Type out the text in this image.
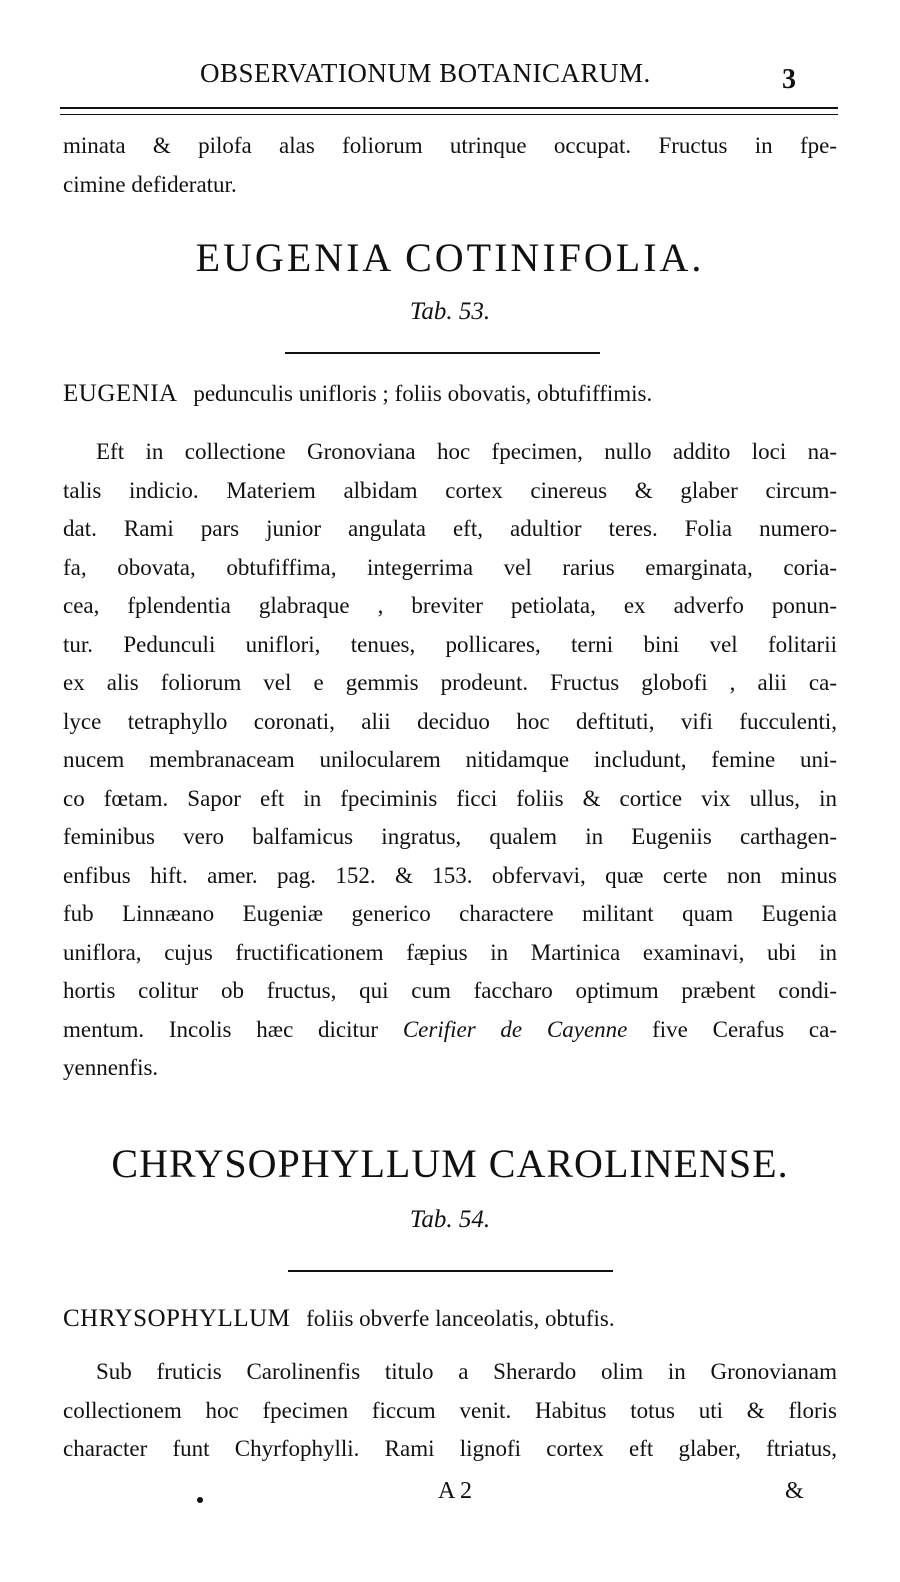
OBSERVATIONUM BOTANICARUM.	3
minata & pilofa alas foliorum utrinque occupat. Fructus in fpe-
cimine defideratur.
EUGENIA COTINIFOLIA.
Tab. 53.
EUGENIA pedunculis unifloris ; foliis obovatis, obtufiffimis.
Eft in collectione Gronoviana hoc fpecimen, nullo addito loci na-
talis indicio. Materiem albidam cortex cinereus & glaber circum-
dat. Rami pars junior angulata eft, adultior teres. Folia numero-
fa, obovata, obtufiffima, integerrima vel rarius emarginata, coria-
cea, fplendentia glabraque , breviter petiolata, ex adverfo ponun-
tur. Pedunculi uniflori, tenues, pollicares, terni bini vel folitarii
ex alis foliorum vel e gemmis prodeunt. Fructus globofi , alii ca-
lyce tetraphyllo coronati, alii deciduo hoc deftituti, vifi fucculenti,
nucem membranaceam unilocularem nitidamque includunt, femine uni-
co fœtam. Sapor eft in fpeciminis ficci foliis & cortice vix ullus, in
feminibus vero balfamicus ingratus, qualem in Eugeniis carthagen-
enfibus hift. amer. pag. 152. & 153. obfervavi, quæ certe non minus
fub Linnæano Eugeniæ generico charactere militant quam Eugenia
uniflora, cujus fructificationem fæpius in Martinica examinavi, ubi in
hortis colitur ob fructus, qui cum faccharo optimum præbent condi-
mentum. Incolis hæc dicitur Cerifier de Cayenne five Cerafus ca-
yennenfis.
CHRYSOPHYLLUM CAROLINENSE.
Tab. 54.
CHRYSOPHYLLUM foliis obverfe lanceolatis, obtufis.
Sub fruticis Carolinenfis titulo a Sherardo olim in Gronovianam
collectionem hoc fpecimen ficcum venit. Habitus totus uti & floris
character funt Chyrfophylli. Rami lignofi cortex eft glaber, ftriatus,
A 2	&
